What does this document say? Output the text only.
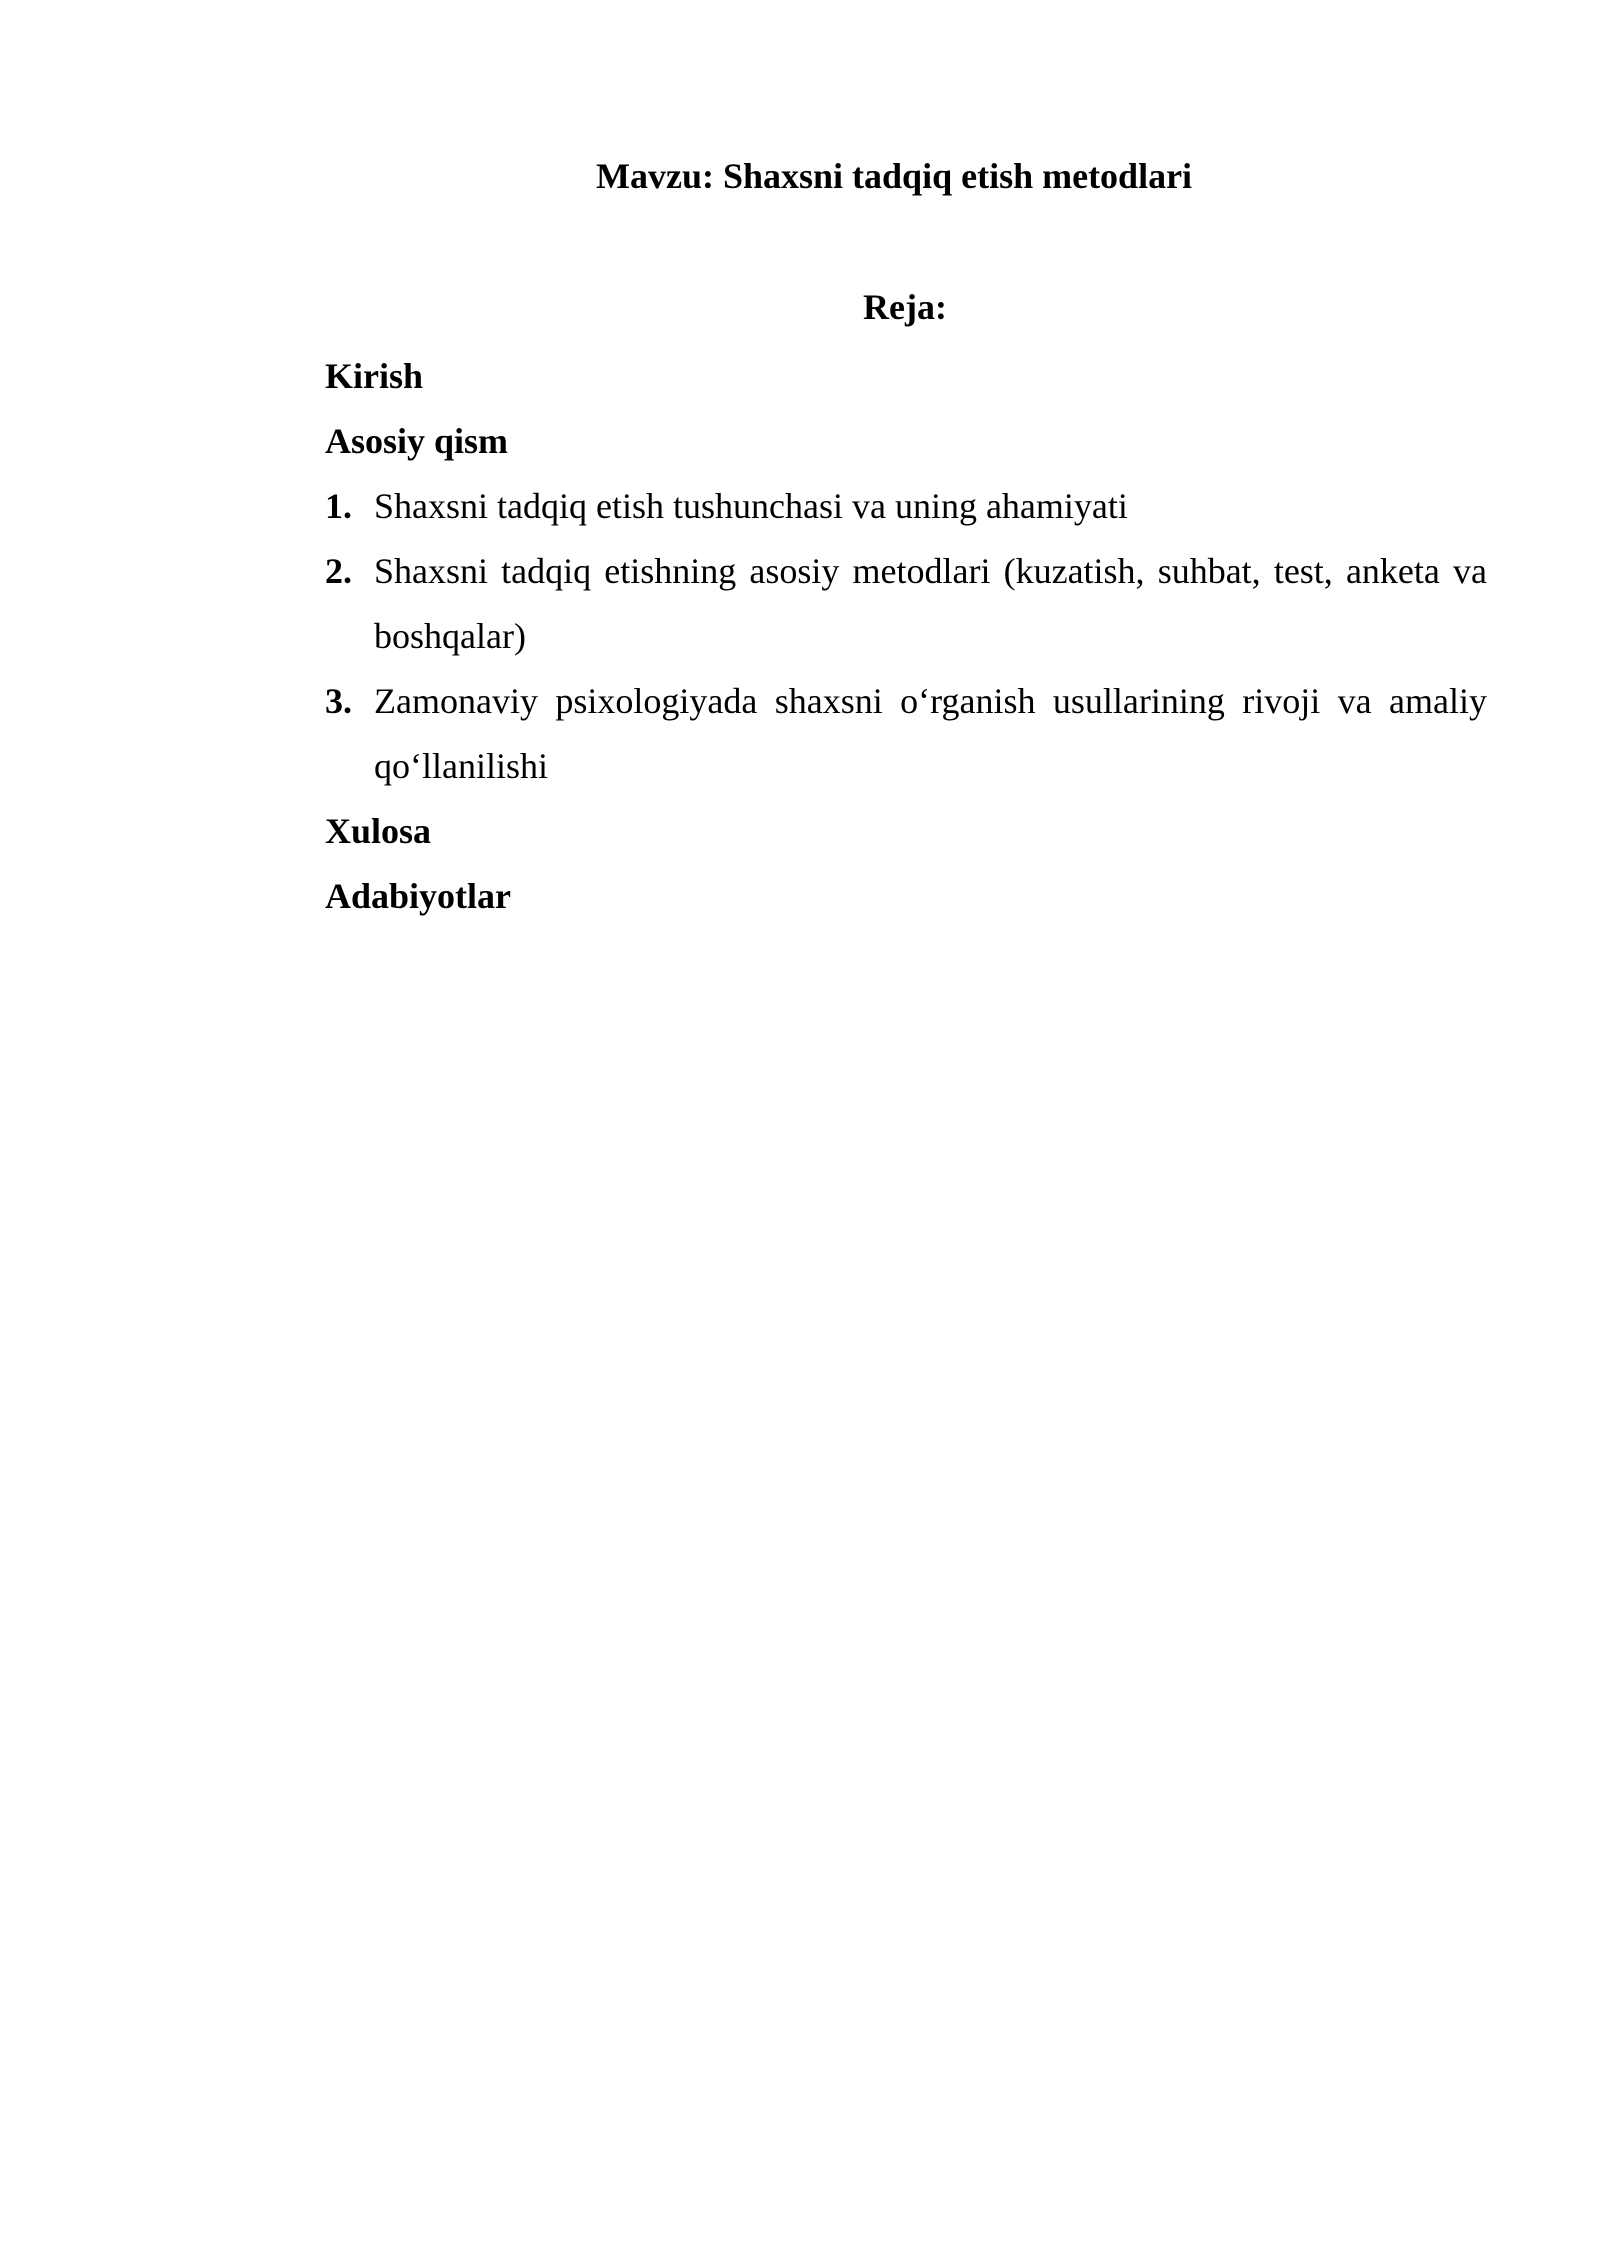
Mavzu: Shaxsni tadqiq etish metodlari
Reja:

Kirish

Asosiy qism

1. Shaxsni tadqiq etish tushunchasi va uning ahamiyati
2. Shaxsni tadqiq etishning asosiy metodlari (kuzatish, suhbat, test, anketa va boshqalar)
3. Zamonaviy psixologiyada shaxsni o‘rganish usullarining rivoji va amaliy qo‘llanilishi

Xulosa

Adabiyotlar
